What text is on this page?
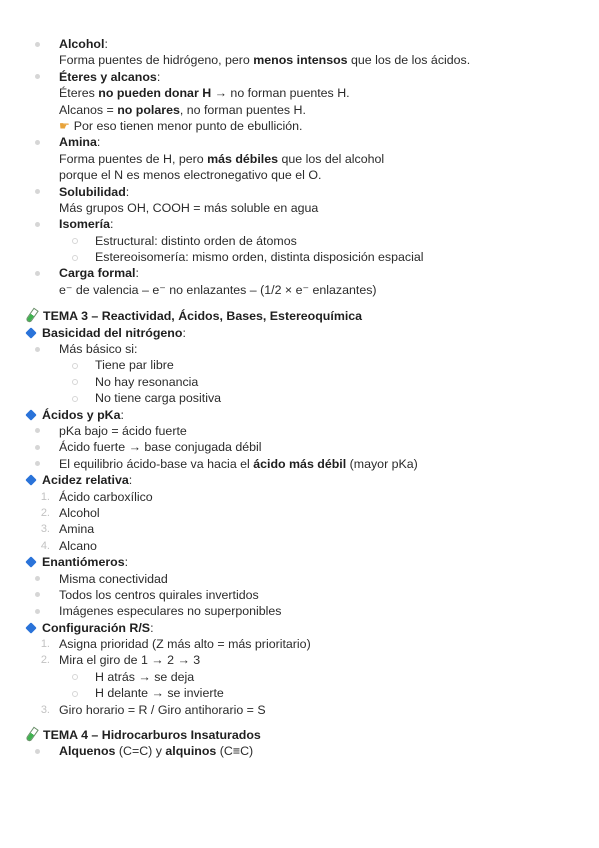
Alcohol:
Forma puentes de hidrógeno, pero menos intensos que los de los ácidos.
Éteres y alcanos:
Éteres no pueden donar H → no forman puentes H.
Alcanos = no polares, no forman puentes H.
☛ Por eso tienen menor punto de ebullición.
Amina:
Forma puentes de H, pero más débiles que los del alcohol
porque el N es menos electronegativo que el O.
Solubilidad:
Más grupos OH, COOH = más soluble en agua
Isomería:
Estructural: distinto orden de átomos
Estereoisomería: mismo orden, distinta disposición espacial
Carga formal:
e⁻ de valencia – e⁻ no enlazantes – (1/2 × e⁻ enlazantes)
TEMA 3 – Reactividad, Ácidos, Bases, Estereoquímica
Basicidad del nitrógeno:
Más básico si:
Tiene par libre
No hay resonancia
No tiene carga positiva
Ácidos y pKa:
pKa bajo = ácido fuerte
Ácido fuerte → base conjugada débil
El equilibrio ácido-base va hacia el ácido más débil (mayor pKa)
Acidez relativa:
1. Ácido carboxílico
2. Alcohol
3. Amina
4. Alcano
Enantiómeros:
Misma conectividad
Todos los centros quirales invertidos
Imágenes especulares no superponibles
Configuración R/S:
1. Asigna prioridad (Z más alto = más prioritario)
2. Mira el giro de 1 → 2 → 3
H atrás → se deja
H delante → se invierte
3. Giro horario = R / Giro antihorario = S
TEMA 4 – Hidrocarburos Insaturados
Alquenos (C=C) y alquinos (C≡C)
